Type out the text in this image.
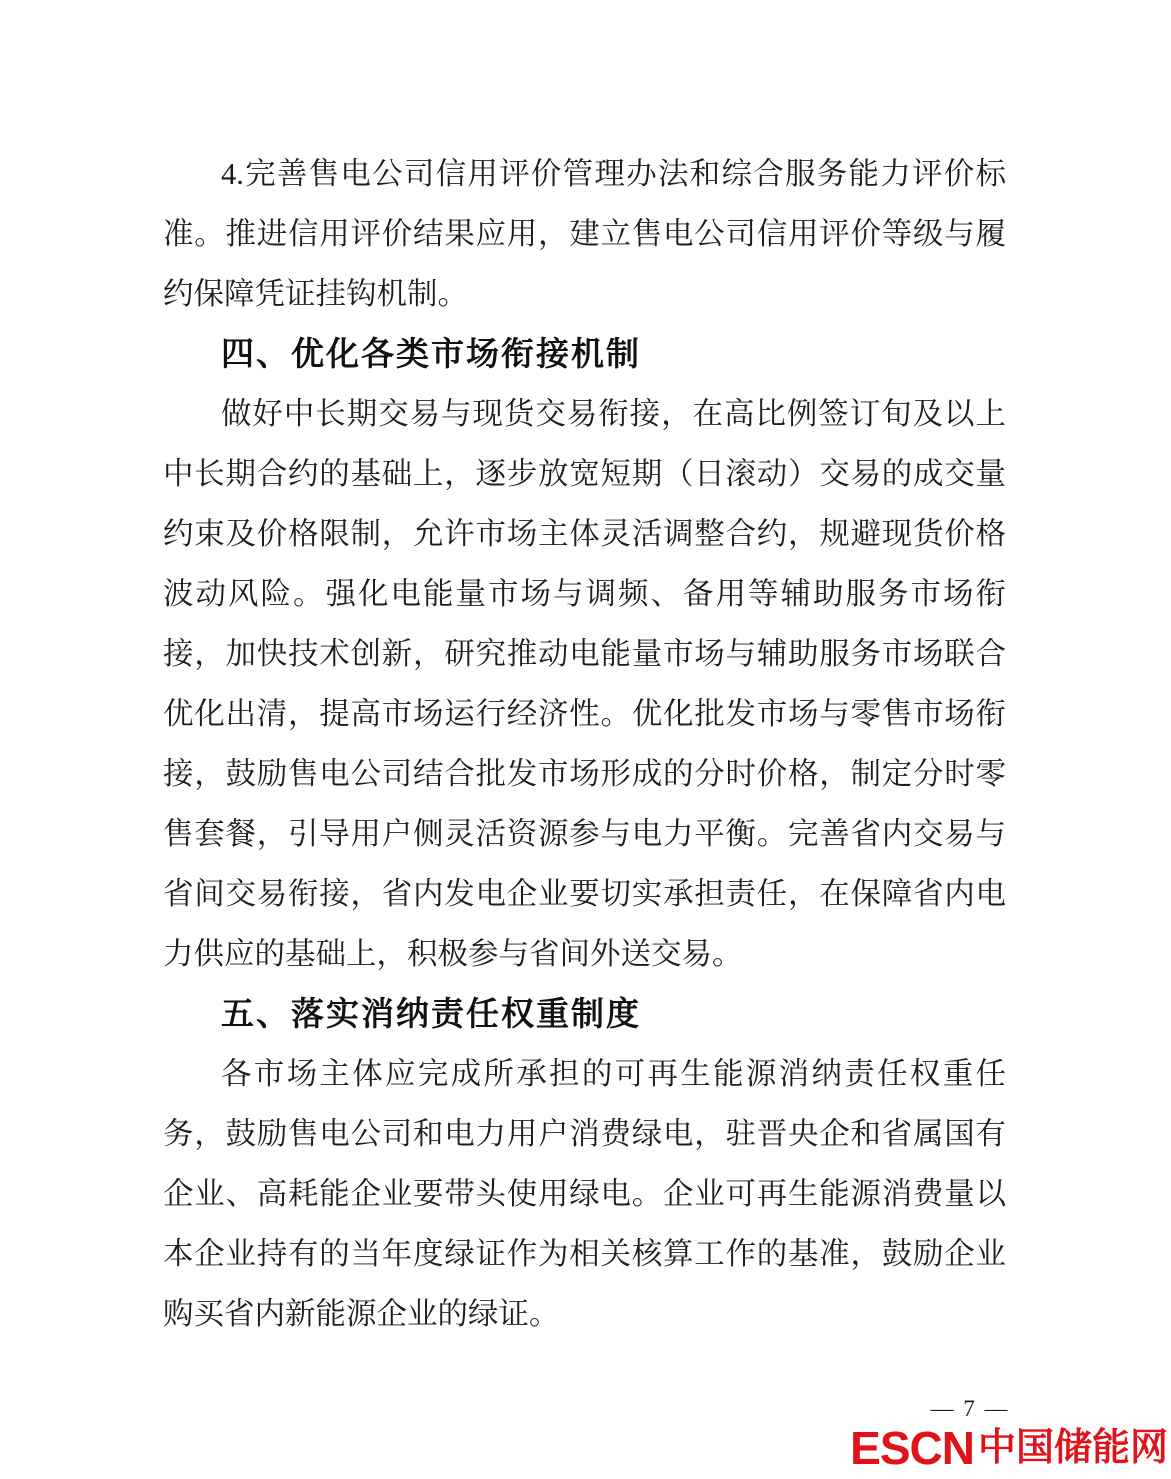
4.完善售电公司信用评价管理办法和综合服务能力评价标准。推进信用评价结果应用，建立售电公司信用评价等级与履约保障凭证挂钩机制。

四、优化各类市场衔接机制

做好中长期交易与现货交易衔接，在高比例签订旬及以上中长期合约的基础上，逐步放宽短期（日滚动）交易的成交量约束及价格限制，允许市场主体灵活调整合约，规避现货价格波动风险。强化电能量市场与调频、备用等辅助服务市场衔接，加快技术创新，研究推动电能量市场与辅助服务市场联合优化出清，提高市场运行经济性。优化批发市场与零售市场衔接，鼓励售电公司结合批发市场形成的分时价格，制定分时零售套餐，引导用户侧灵活资源参与电力平衡。完善省内交易与省间交易衔接，省内发电企业要切实承担责任，在保障省内电力供应的基础上，积极参与省间外送交易。

五、落实消纳责任权重制度

各市场主体应完成所承担的可再生能源消纳责任权重任务，鼓励售电公司和电力用户消费绿电，驻晋央企和省属国有企业、高耗能企业要带头使用绿电。企业可再生能源消费量以本企业持有的当年度绿证作为相关核算工作的基准，鼓励企业购买省内新能源企业的绿证。

— 7 —
ESCN 中国储能网
